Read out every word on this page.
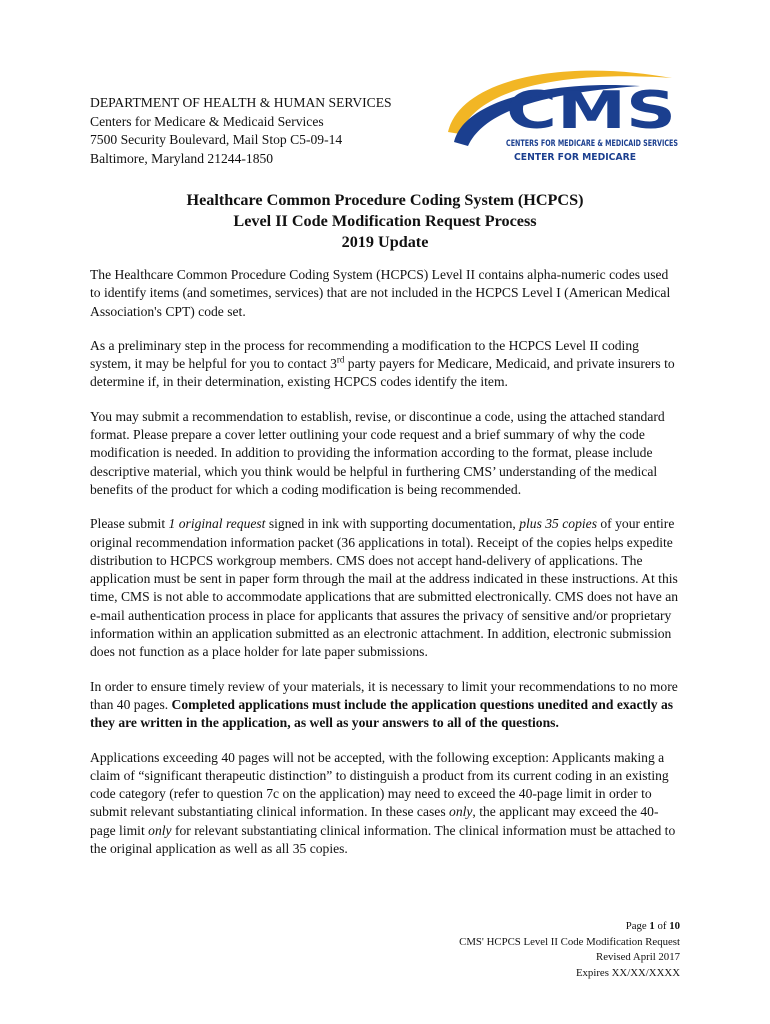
DEPARTMENT OF HEALTH & HUMAN SERVICES
Centers for Medicare & Medicaid Services
7500 Security Boulevard, Mail Stop C5-09-14
Baltimore, Maryland 21244-1850
CMS
CENTERS FOR MEDICARE & MEDICAID SERVICES
CENTER FOR MEDICARE
Healthcare Common Procedure Coding System (HCPCS)
Level II Code Modification Request Process
2019 Update

The Healthcare Common Procedure Coding System (HCPCS) Level II contains alpha-numeric codes used to identify items (and sometimes, services) that are not included in the HCPCS Level I (American Medical Association's CPT) code set.

As a preliminary step in the process for recommending a modification to the HCPCS Level II coding system, it may be helpful for you to contact 3rd party payers for Medicare, Medicaid, and private insurers to determine if, in their determination, existing HCPCS codes identify the item.

You may submit a recommendation to establish, revise, or discontinue a code, using the attached standard format. Please prepare a cover letter outlining your code request and a brief summary of why the code modification is needed. In addition to providing the information according to the format, please include descriptive material, which you think would be helpful in furthering CMS’ understanding of the medical benefits of the product for which a coding modification is being recommended.

Please submit 1 original request signed in ink with supporting documentation, plus 35 copies of your entire original recommendation information packet (36 applications in total). Receipt of the copies helps expedite distribution to HCPCS workgroup members. CMS does not accept hand-delivery of applications. The application must be sent in paper form through the mail at the address indicated in these instructions. At this time, CMS is not able to accommodate applications that are submitted electronically. CMS does not have an e-mail authentication process in place for applicants that assures the privacy of sensitive and/or proprietary information within an application submitted as an electronic attachment. In addition, electronic submission does not function as a place holder for late paper submissions.

In order to ensure timely review of your materials, it is necessary to limit your recommendations to no more than 40 pages. Completed applications must include the application questions unedited and exactly as they are written in the application, as well as your answers to all of the questions.

Applications exceeding 40 pages will not be accepted, with the following exception: Applicants making a claim of “significant therapeutic distinction” to distinguish a product from its current coding in an existing code category (refer to question 7c on the application) may need to exceed the 40-page limit in order to submit relevant substantiating clinical information. In these cases only, the applicant may exceed the 40-page limit only for relevant substantiating clinical information. The clinical information must be attached to the original application as well as all 35 copies.

Page 1 of 10
CMS' HCPCS Level II Code Modification Request
Revised April 2017
Expires XX/XX/XXXX
